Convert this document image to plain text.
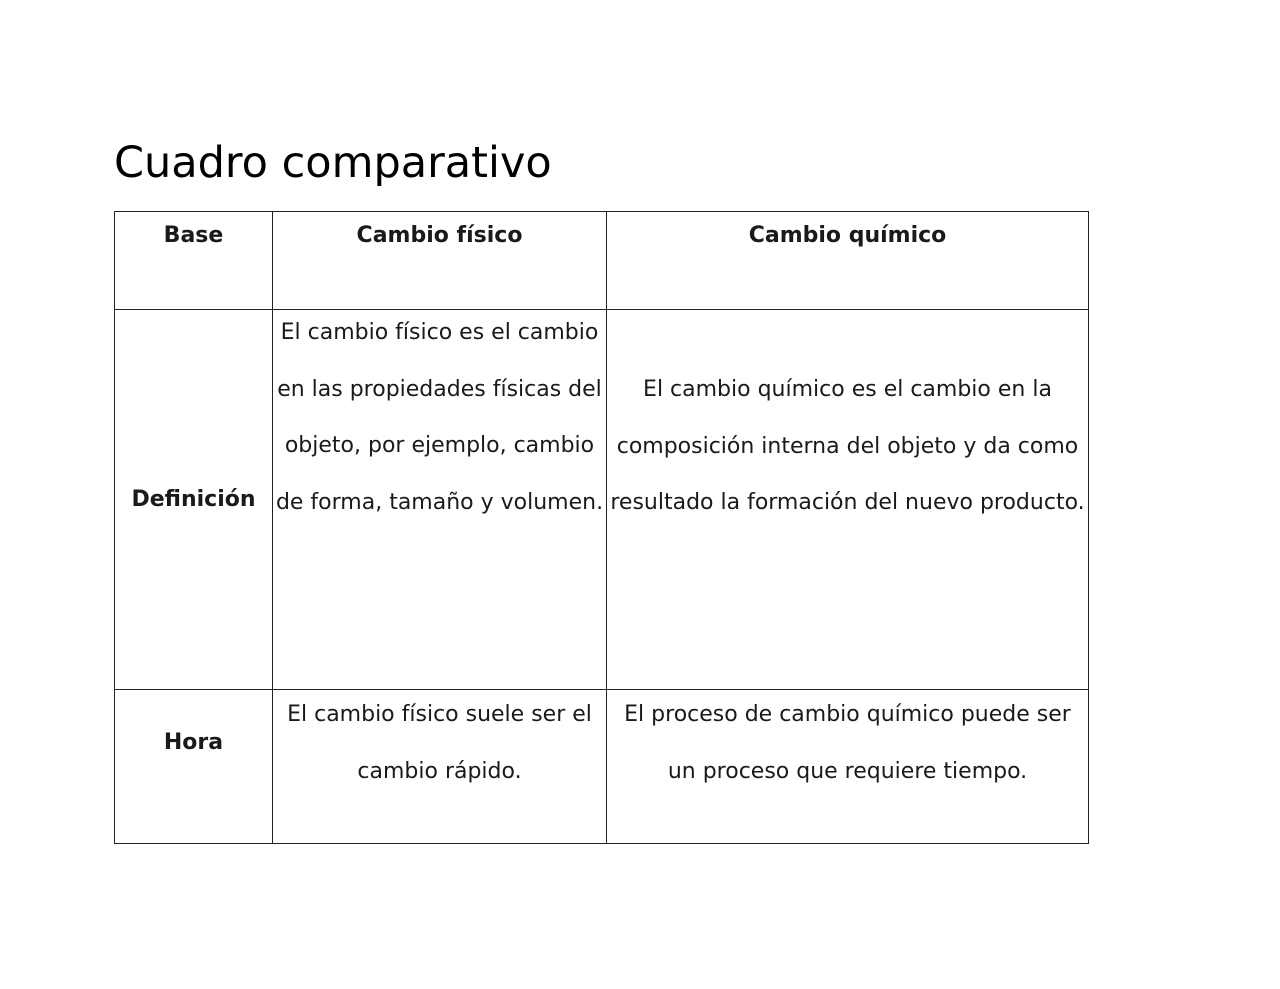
Cuadro comparativo
Base	Cambio físico	Cambio químico
Definición	El cambio físico es el cambio en las propiedades físicas del objeto, por ejemplo, cambio de forma, tamaño y volumen.	El cambio químico es el cambio en la composición interna del objeto y da como resultado la formación del nuevo producto.

Hora	El cambio físico suele ser el cambio rápido.	El proceso de cambio químico puede ser un proceso que requiere tiempo.
